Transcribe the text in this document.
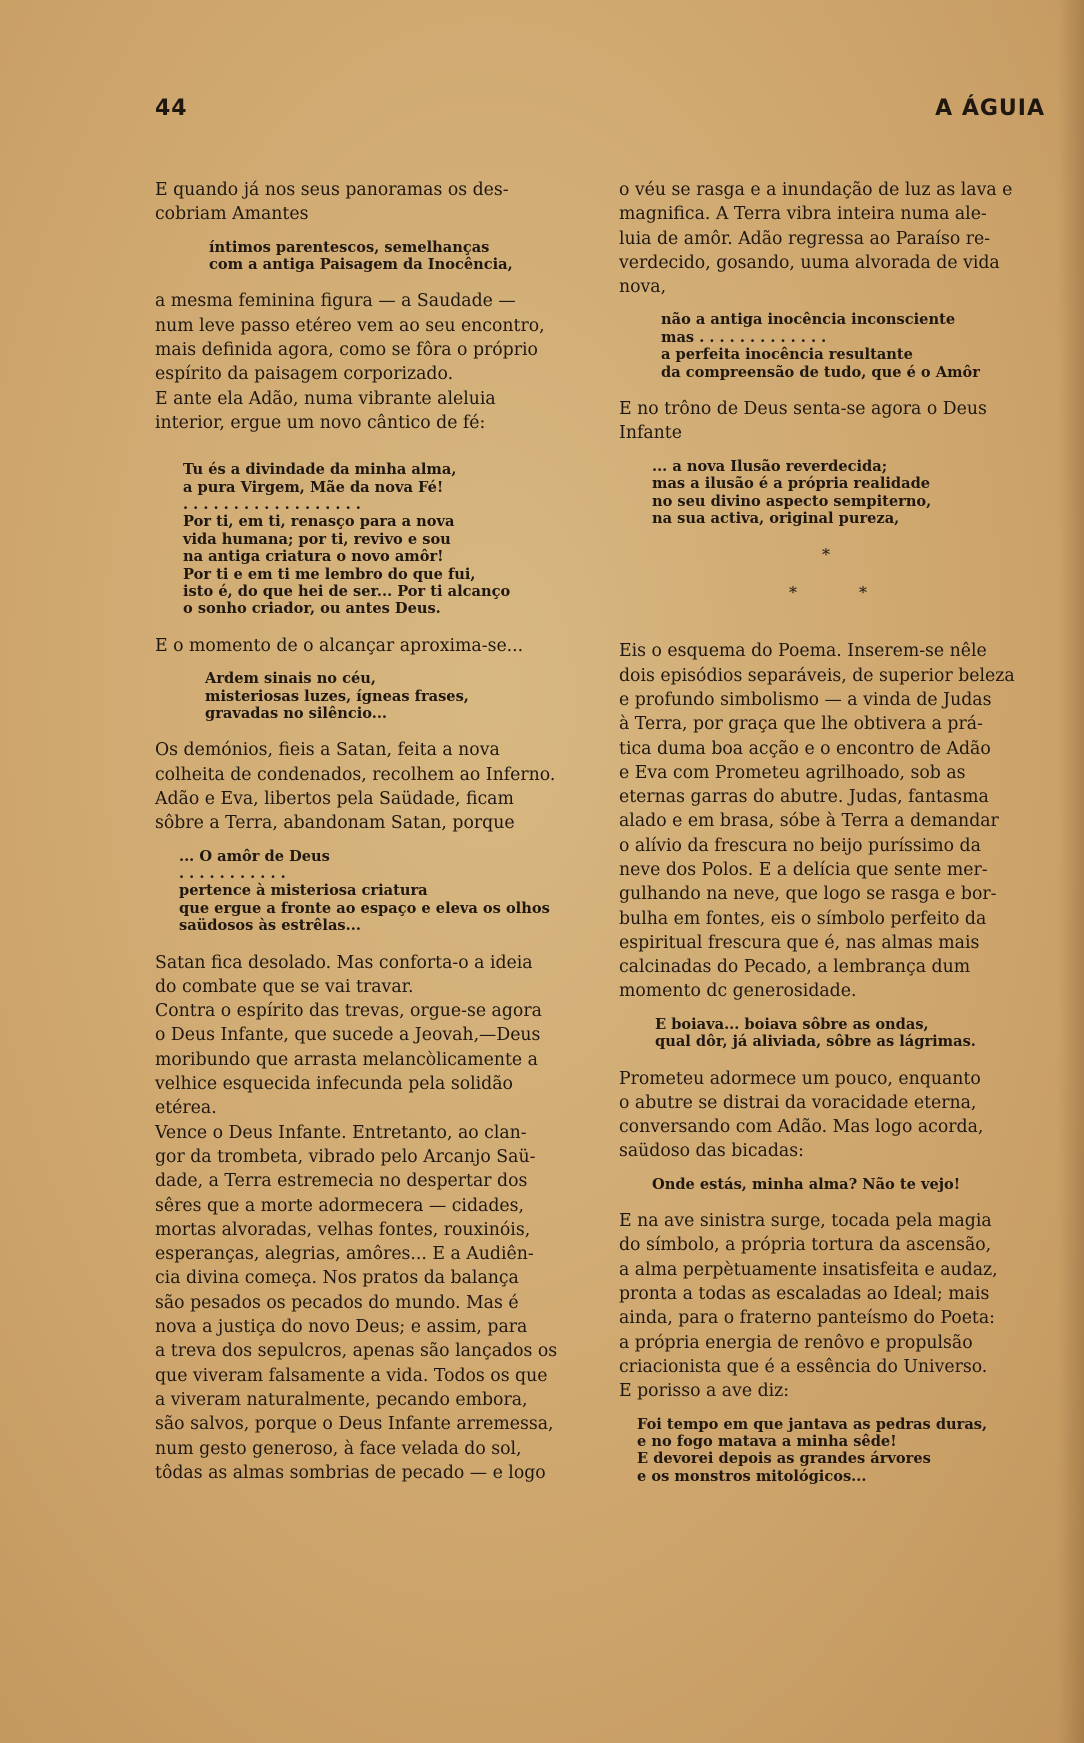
44	A ÁGUIA
E quando já nos seus panoramas os des-
cobriam Amantes
íntimos parentescos, semelhanças
com a antiga Paisagem da Inocência,
a mesma feminina figura — a Saudade —
num leve passo etéreo vem ao seu encontro,
mais definida agora, como se fôra o próprio
espírito da paisagem corporizado.
E ante ela Adão, numa vibrante aleluia
interior, ergue um novo cântico de fé:
Tu és a divindade da minha alma,
a pura Virgem, Mãe da nova Fé!
. . . . . . . . . . . . . . . . . .
Por ti, em ti, renasço para a nova
vida humana; por ti, revivo e sou
na antiga criatura o novo amôr!
Por ti e em ti me lembro do que fui,
isto é, do que hei de ser... Por ti alcanço
o sonho criador, ou antes Deus.
E o momento de o alcançar aproxima-se...
Ardem sinais no céu,
misteriosas luzes, ígneas frases,
gravadas no silêncio...
Os demónios, fieis a Satan, feita a nova
colheita de condenados, recolhem ao Inferno.
Adão e Eva, libertos pela Saüdade, ficam
sôbre a Terra, abandonam Satan, porque
... O amôr de Deus
. . . . . . . . . . .
pertence à misteriosa criatura
que ergue a fronte ao espaço e eleva os olhos
saüdosos às estrêlas...
Satan fica desolado. Mas conforta-o a ideia
do combate que se vai travar.
Contra o espírito das trevas, orgue-se agora
o Deus Infante, que sucede a Jeovah,—Deus
moribundo que arrasta melancòlicamente a
velhice esquecida infecunda pela solidão
etérea.
Vence o Deus Infante. Entretanto, ao clan-
gor da trombeta, vibrado pelo Arcanjo Saü-
dade, a Terra estremecia no despertar dos
sêres que a morte adormecera — cidades,
mortas alvoradas, velhas fontes, rouxinóis,
esperanças, alegrias, amôres... E a Audiên-
cia divina começa. Nos pratos da balança
são pesados os pecados do mundo. Mas é
nova a justiça do novo Deus; e assim, para
a treva dos sepulcros, apenas são lançados os
que viveram falsamente a vida. Todos os que
a viveram naturalmente, pecando embora,
são salvos, porque o Deus Infante arremessa,
num gesto generoso, à face velada do sol,
tôdas as almas sombrias de pecado — e logo
o véu se rasga e a inundação de luz as lava e
magnifica. A Terra vibra inteira numa ale-
luia de amôr. Adão regressa ao Paraíso re-
verdecido, gosando, uuma alvorada de vida
nova,
não a antiga inocência inconsciente
mas . . . . . . . . . . . . .
a perfeita inocência resultante
da compreensão de tudo, que é o Amôr
E no trôno de Deus senta-se agora o Deus
Infante
... a nova Ilusão reverdecida;
mas a ilusão é a própria realidade
no seu divino aspecto sempiterno,
na sua activa, original pureza,
*
*	*
Eis o esquema do Poema. Inserem-se nêle
dois episódios separáveis, de superior beleza
e profundo simbolismo — a vinda de Judas
à Terra, por graça que lhe obtivera a prá-
tica duma boa acção e o encontro de Adão
e Eva com Prometeu agrilhoado, sob as
eternas garras do abutre. Judas, fantasma
alado e em brasa, sóbe à Terra a demandar
o alívio da frescura no beijo puríssimo da
neve dos Polos. E a delícia que sente mer-
gulhando na neve, que logo se rasga e bor-
bulha em fontes, eis o símbolo perfeito da
espiritual frescura que é, nas almas mais
calcinadas do Pecado, a lembrança dum
momento dc generosidade.
E boiava... boiava sôbre as ondas,
qual dôr, já aliviada, sôbre as lágrimas.
Prometeu adormece um pouco, enquanto
o abutre se distrai da voracidade eterna,
conversando com Adão. Mas logo acorda,
saüdoso das bicadas:
Onde estás, minha alma? Não te vejo!
E na ave sinistra surge, tocada pela magia
do símbolo, a própria tortura da ascensão,
a alma perpètuamente insatisfeita e audaz,
pronta a todas as escaladas ao Ideal; mais
ainda, para o fraterno panteísmo do Poeta:
a própria energia de renôvo e propulsão
criacionista que é a essência do Universo.
E porisso a ave diz:
Foi tempo em que jantava as pedras duras,
e no fogo matava a minha sêde!
E devorei depois as grandes árvores
e os monstros mitológicos...
